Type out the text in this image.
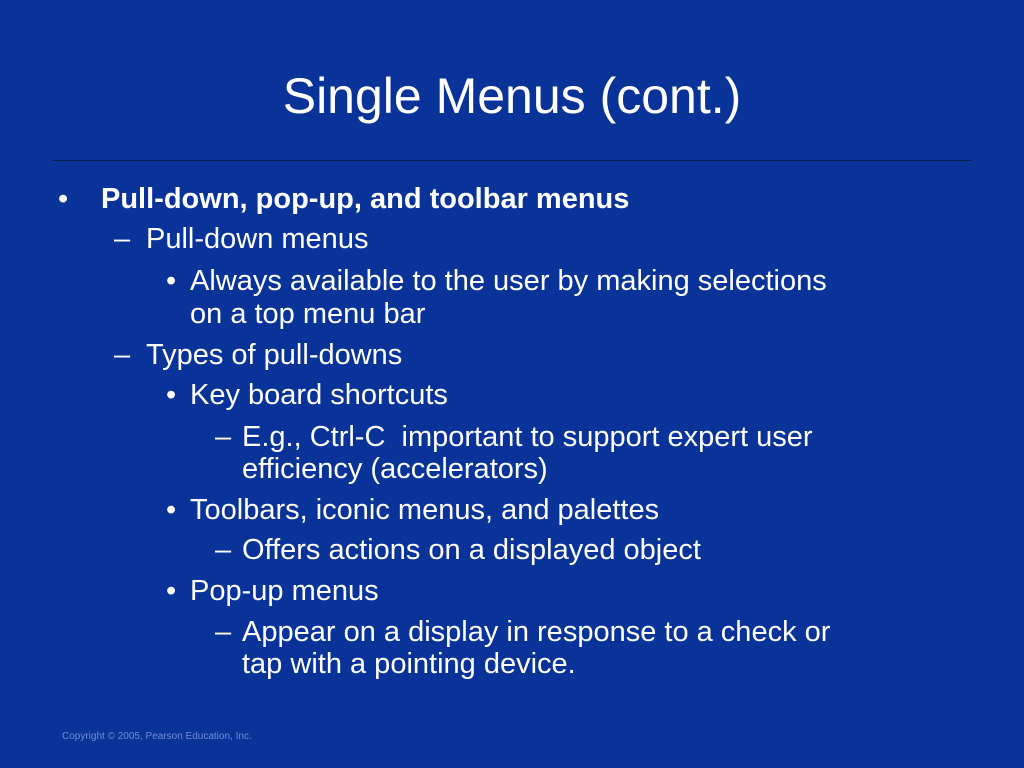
Single Menus (cont.)
• Pull-down, pop-up, and toolbar menus
– Pull-down menus
• Always available to the user by making selections
on a top menu bar
– Types of pull-downs
• Key board shortcuts
– E.g., Ctrl-C  important to support expert user
efficiency (accelerators)
• Toolbars, iconic menus, and palettes
– Offers actions on a displayed object
• Pop-up menus
– Appear on a display in response to a check or
tap with a pointing device.
Copyright © 2005, Pearson Education, Inc.
